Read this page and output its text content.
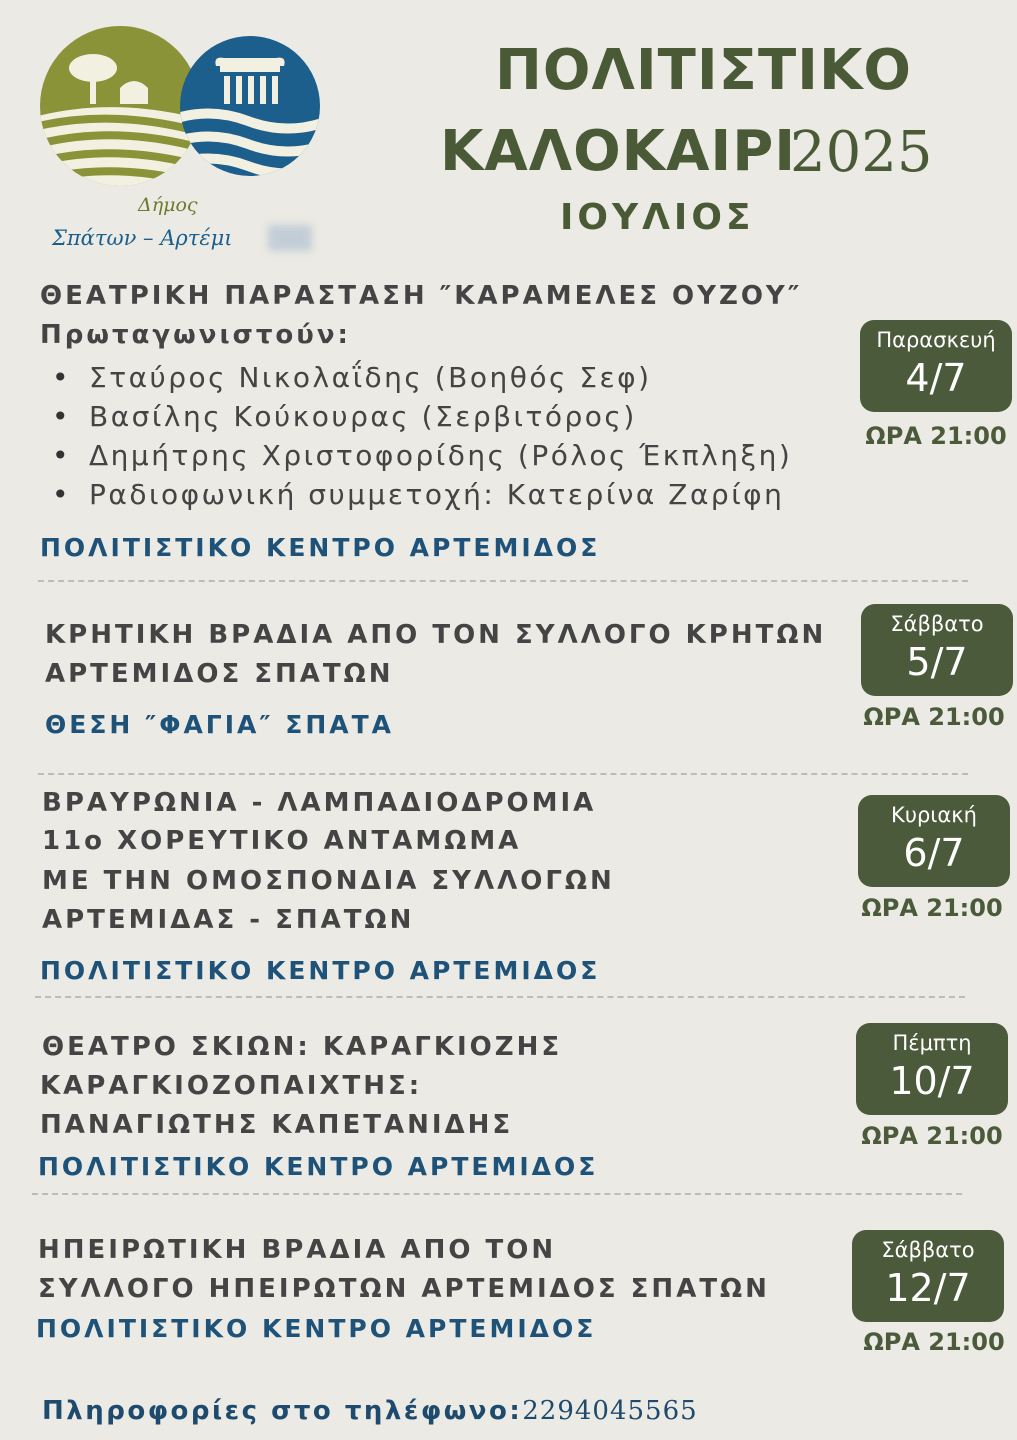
Δήμος
Σπάτων – Αρτέμι
ΠΟΛΙΤΙΣΤΙΚΟ
ΚΑΛΟΚΑΙΡΙ
2025
ΙΟΥΛΙΟΣ
ΘΕΑΤΡΙΚΗ ΠΑΡΑΣΤΑΣΗ ″ΚΑΡΑΜΕΛΕΣ ΟΥΖΟΥ″
Πρωταγωνιστούν:
• Σταύρος Νικολαΐδης (Βοηθός Σεφ)
• Βασίλης Κούκουρας (Σερβιτόρος)
• Δημήτρης Χριστοφορίδης (Ρόλος Έκπληξη)
• Ραδιοφωνική συμμετοχή: Κατερίνα Ζαρίφη
ΠΟΛΙΤΙΣΤΙΚΟ ΚΕΝΤΡΟ ΑΡΤΕΜΙΔΟΣ
Παρασκευή
4/7
ΩΡΑ 21:00
ΚΡΗΤΙΚΗ ΒΡΑΔΙΑ ΑΠΟ ΤΟΝ ΣΥΛΛΟΓΟ ΚΡΗΤΩΝ
ΑΡΤΕΜΙΔΟΣ ΣΠΑΤΩΝ
ΘΕΣΗ ″ΦΑΓΙΑ″ ΣΠΑΤΑ
Σάββατο
5/7
ΩΡΑ 21:00
ΒΡΑΥΡΩΝΙΑ - ΛΑΜΠΑΔΙΟΔΡΟΜΙΑ
11ο ΧΟΡΕΥΤΙΚΟ ΑΝΤΑΜΩΜΑ
ΜΕ ΤΗΝ ΟΜΟΣΠΟΝΔΙΑ ΣΥΛΛΟΓΩΝ
ΑΡΤΕΜΙΔΑΣ - ΣΠΑΤΩΝ
ΠΟΛΙΤΙΣΤΙΚΟ ΚΕΝΤΡΟ ΑΡΤΕΜΙΔΟΣ
Κυριακή
6/7
ΩΡΑ 21:00
ΘΕΑΤΡΟ ΣΚΙΩΝ: ΚΑΡΑΓΚΙΟΖΗΣ
ΚΑΡΑΓΚΙΟΖΟΠΑΙΧΤΗΣ:
ΠΑΝΑΓΙΩΤΗΣ ΚΑΠΕΤΑΝΙΔΗΣ
ΠΟΛΙΤΙΣΤΙΚΟ ΚΕΝΤΡΟ ΑΡΤΕΜΙΔΟΣ
Πέμπτη
10/7
ΩΡΑ 21:00
ΗΠΕΙΡΩΤΙΚΗ ΒΡΑΔΙΑ ΑΠΟ ΤΟΝ
ΣΥΛΛΟΓΟ ΗΠΕΙΡΩΤΩΝ ΑΡΤΕΜΙΔΟΣ ΣΠΑΤΩΝ
ΠΟΛΙΤΙΣΤΙΚΟ ΚΕΝΤΡΟ ΑΡΤΕΜΙΔΟΣ
Σάββατο
12/7
ΩΡΑ 21:00
Πληροφορίες στο τηλέφωνο:2294045565
